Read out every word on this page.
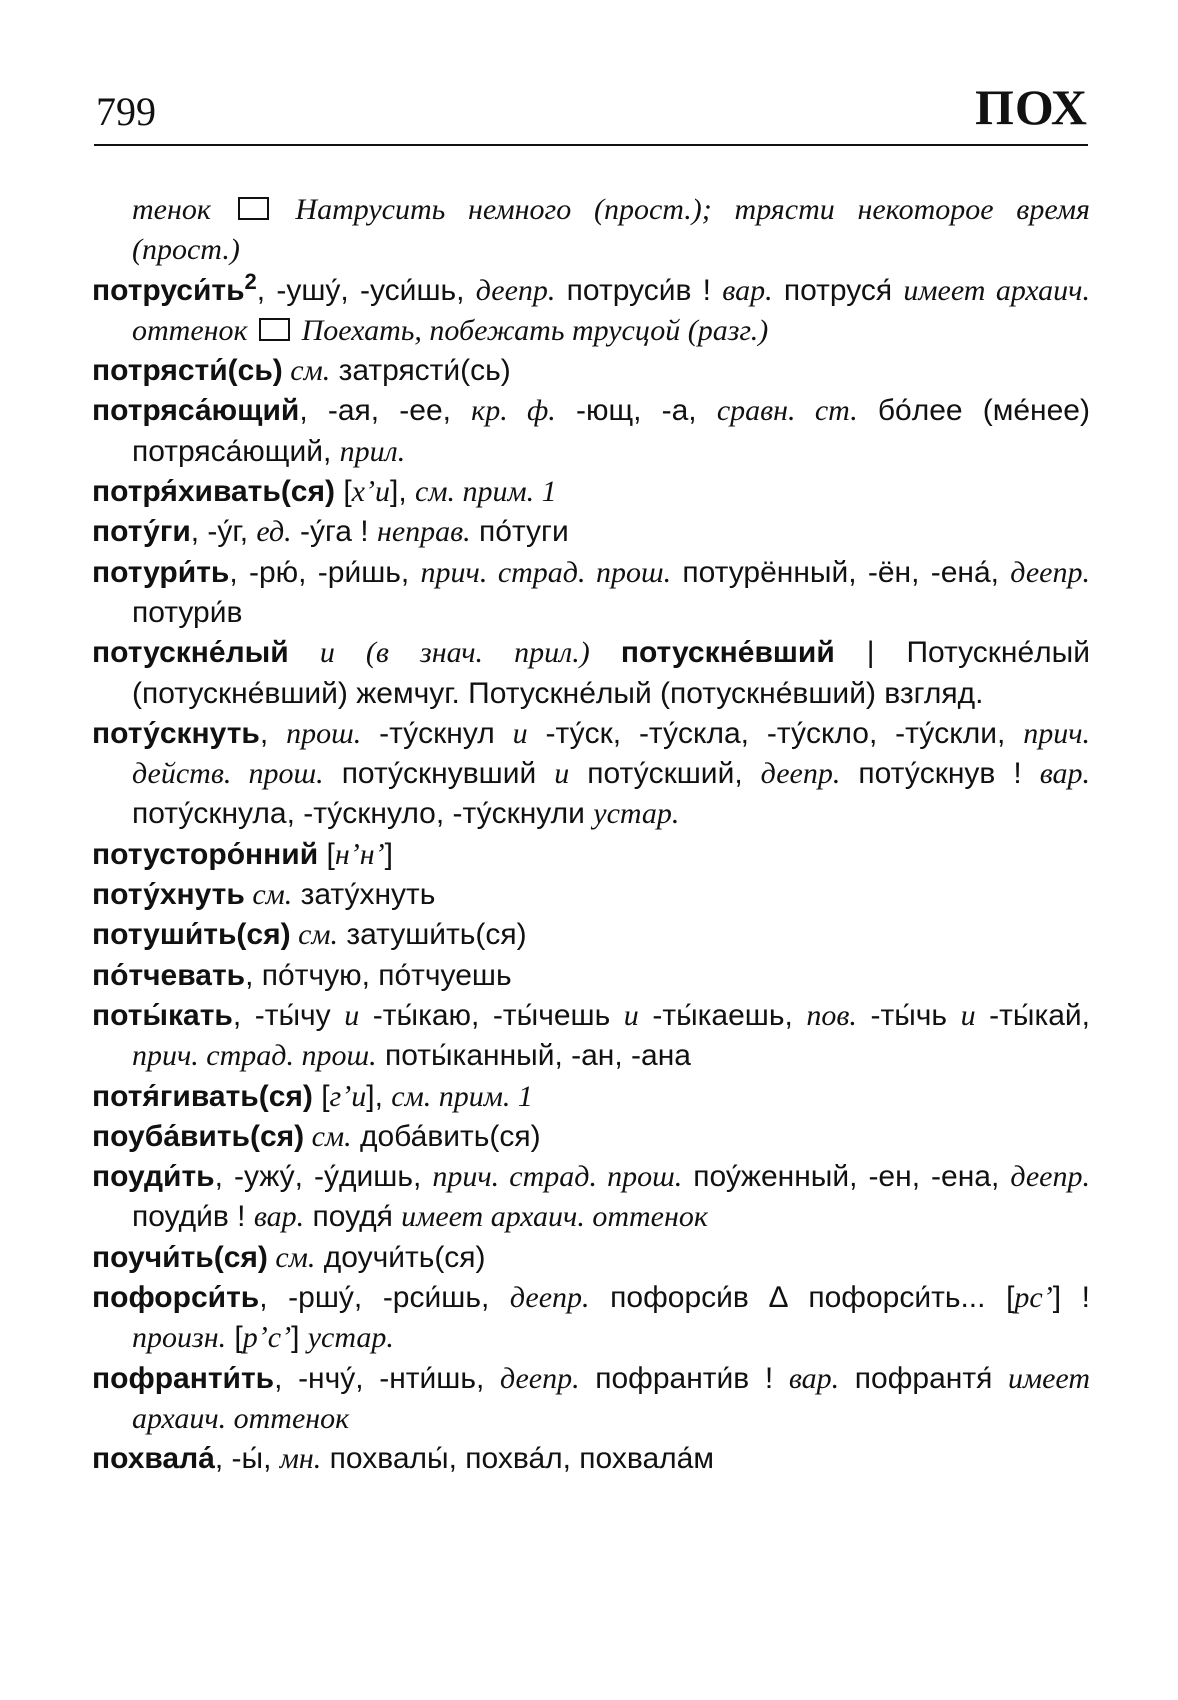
799	ПОХ

тенок  Натрусить немного (прост.); трясти некоторое время (прост.)

$потруси́ть^2$, -ушу́, -уси́шь, деепр. потруси́в ! вар. потруся́ имеет архаич. оттенок  Поехать, побежать трусцой (разг.)

потрясти́(сь) см. затрясти́(сь)

потряса́ющий, -ая, -ее, кр. ф. -ющ, -а, сравн. ст. бо́лее (ме́нее) потряса́ющий, прил.

потря́хивать(ся) [хʼи], см. прим. 1

поту́ги, -у́г, ед. -у́га ! неправ. по́туги

потури́ть, -рю́, -ри́шь, прич. страд. прош. потурённый, -ён, -ена́, деепр. потури́в

потускне́лый и (в знач. прил.) потускне́вший | Потускне́лый (потускне́вший) жемчуг. Потускне́лый (потускне́вший) взгляд.

поту́скнуть, прош. -ту́скнул и -ту́ск, -ту́скла, -ту́скло, -ту́скли, прич. действ. прош. поту́скнувший и поту́скший, деепр. поту́скнув ! вар. поту́скнула, -ту́скнуло, -ту́скнули устар.

потусторо́нний [нʼнʼ]

поту́хнуть см. зату́хнуть

потуши́ть(ся) см. затуши́ть(ся)

по́тчевать, по́тчую, по́тчуешь

поты́кать, -ты́чу и -ты́каю, -ты́чешь и -ты́каешь, пов. -ты́чь и -ты́кай, прич. страд. прош. поты́канный, -ан, -ана

потя́гивать(ся) [гʼи], см. прим. 1

поуба́вить(ся) см. доба́вить(ся)

поуди́ть, -ужу́, -у́дишь, прич. страд. прош. поу́женный, -ен, -ена, деепр. поуди́в ! вар. поудя́ имеет архаич. оттенок

поучи́ть(ся) см. доучи́ть(ся)

пофорси́ть, -ршу́, -рси́шь, деепр. пофорси́в ∆ пофорси́ть... [рсʼ] ! произн. [рʼсʼ] устар.

пофранти́ть, -нчу́, -нти́шь, деепр. пофранти́в ! вар. пофрантя́ имеет архаич. оттенок

похвала́, -ы́, мн. похвалы́, похва́л, похвала́м
